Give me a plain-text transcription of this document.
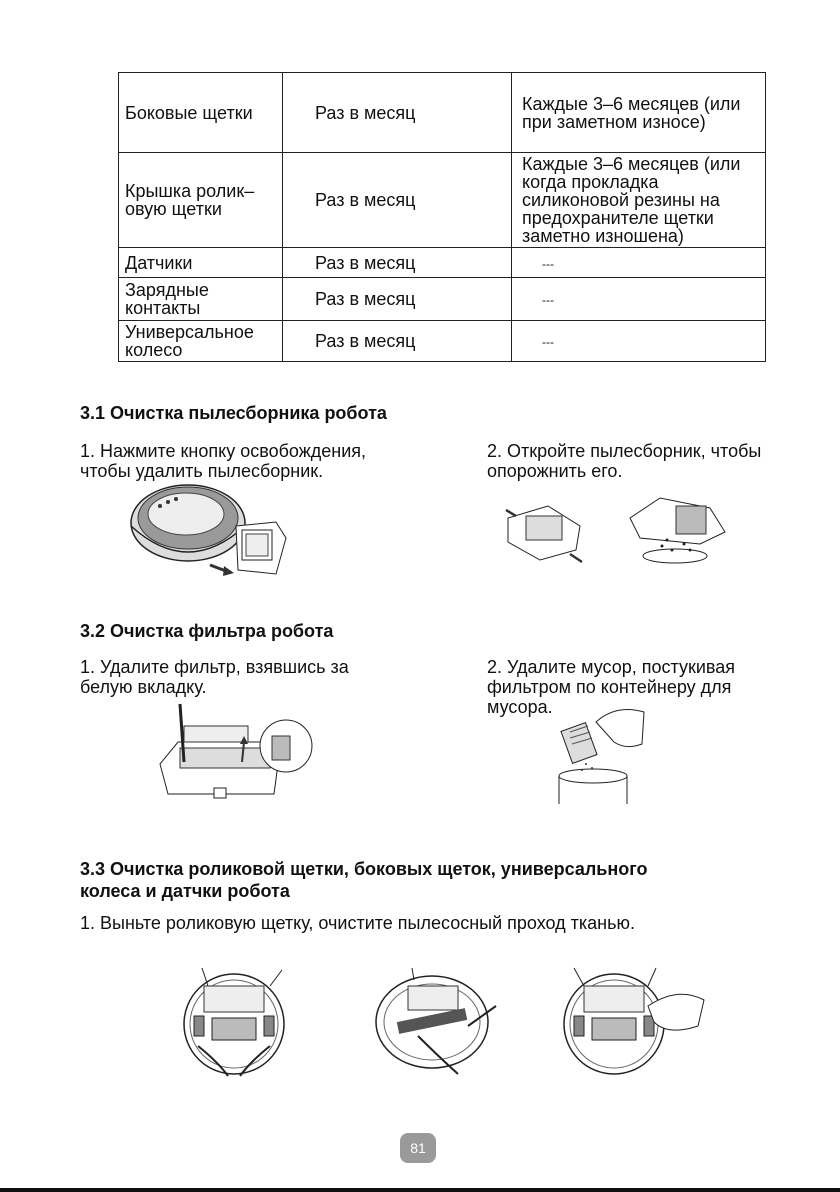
Боковые щетки	Раз в месяц	Каждые 3–6 месяцев (или
при заметном износе)
Крышка ролик–
овую щетки	Раз в месяц	Каждые 3–6 месяцев (или
когда прокладка
силиконовой резины на
предохранителе щетки
заметно изношена)
Датчики	Раз в месяц	---
Зарядные
контакты	Раз в месяц	---
Универсальное
колесо	Раз в месяц	---
3.1 Очистка пылесборника робота

1. Нажмите кнопку освобождения,
чтобы удалить пылесборник.

2. Откройте пылесборник, чтобы
опорожнить его.

3.2 Очистка фильтра робота

1. Удалите фильтр, взявшись за
белую вкладку.

2. Удалите мусор, постукивая
фильтром по контейнеру для
мусора.

3.3 Очистка роликовой щетки, боковых щеток, универсального
колеса и датчки робота

1. Выньте роликовую щетку, очистите пылесосный проход тканью.

81
